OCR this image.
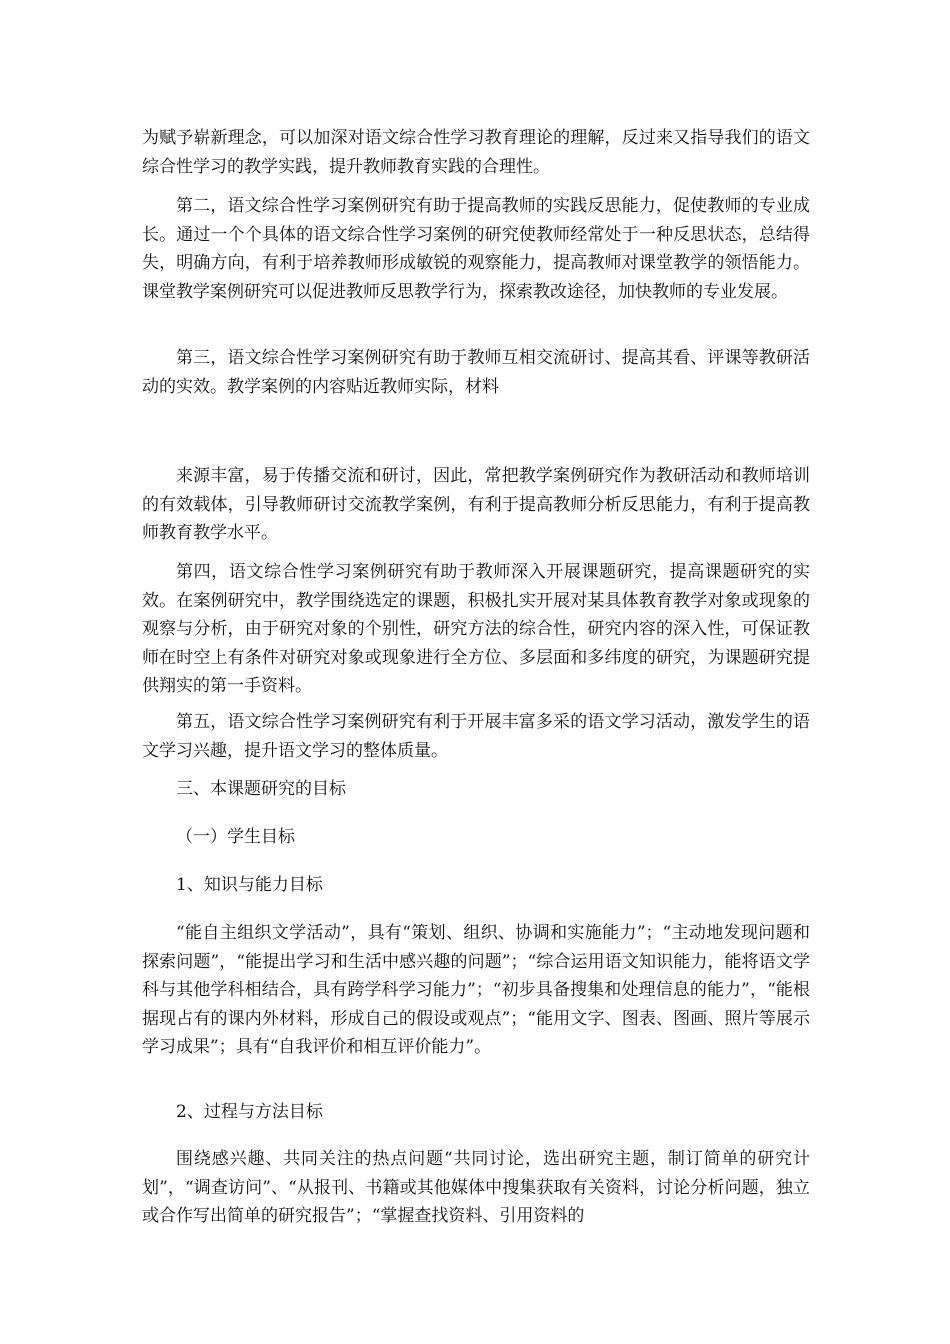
为赋予崭新理念，可以加深对语文综合性学习教育理论的理解，反过来又指导我们的语文综合性学习的教学实践，提升教师教育实践的合理性。

第二，语文综合性学习案例研究有助于提高教师的实践反思能力，促使教师的专业成长。通过一个个具体的语文综合性学习案例的研究使教师经常处于一种反思状态，总结得失，明确方向，有利于培养教师形成敏锐的观察能力，提高教师对课堂教学的领悟能力。课堂教学案例研究可以促进教师反思教学行为，探索教改途径，加快教师的专业发展。

第三，语文综合性学习案例研究有助于教师互相交流研讨、提高其看、评课等教研活动的实效。教学案例的内容贴近教师实际，材料

来源丰富，易于传播交流和研讨，因此，常把教学案例研究作为教研活动和教师培训的有效载体，引导教师研讨交流教学案例，有利于提高教师分析反思能力，有利于提高教师教育教学水平。

第四，语文综合性学习案例研究有助于教师深入开展课题研究，提高课题研究的实效。在案例研究中，教学围绕选定的课题，积极扎实开展对某具体教育教学对象或现象的观察与分析，由于研究对象的个别性，研究方法的综合性，研究内容的深入性，可保证教师在时空上有条件对研究对象或现象进行全方位、多层面和多纬度的研究，为课题研究提供翔实的第一手资料。

第五，语文综合性学习案例研究有利于开展丰富多采的语文学习活动，激发学生的语文学习兴趣，提升语文学习的整体质量。

三、本课题研究的目标

（一）学生目标

1、知识与能力目标

“能自主组织文学活动”，具有“策划、组织、协调和实施能力”；“主动地发现问题和探索问题”，“能提出学习和生活中感兴趣的问题”；“综合运用语文知识能力，能将语文学科与其他学科相结合，具有跨学科学习能力”；“初步具备搜集和处理信息的能力”，“能根据现占有的课内外材料，形成自己的假设或观点”；“能用文字、图表、图画、照片等展示学习成果”；具有“自我评价和相互评价能力”。

2、过程与方法目标

围绕感兴趣、共同关注的热点问题“共同讨论，选出研究主题，制订简单的研究计划”，“调查访问”、“从报刊、书籍或其他媒体中搜集获取有关资料，讨论分析问题，独立或合作写出简单的研究报告”；“掌握查找资料、引用资料的
